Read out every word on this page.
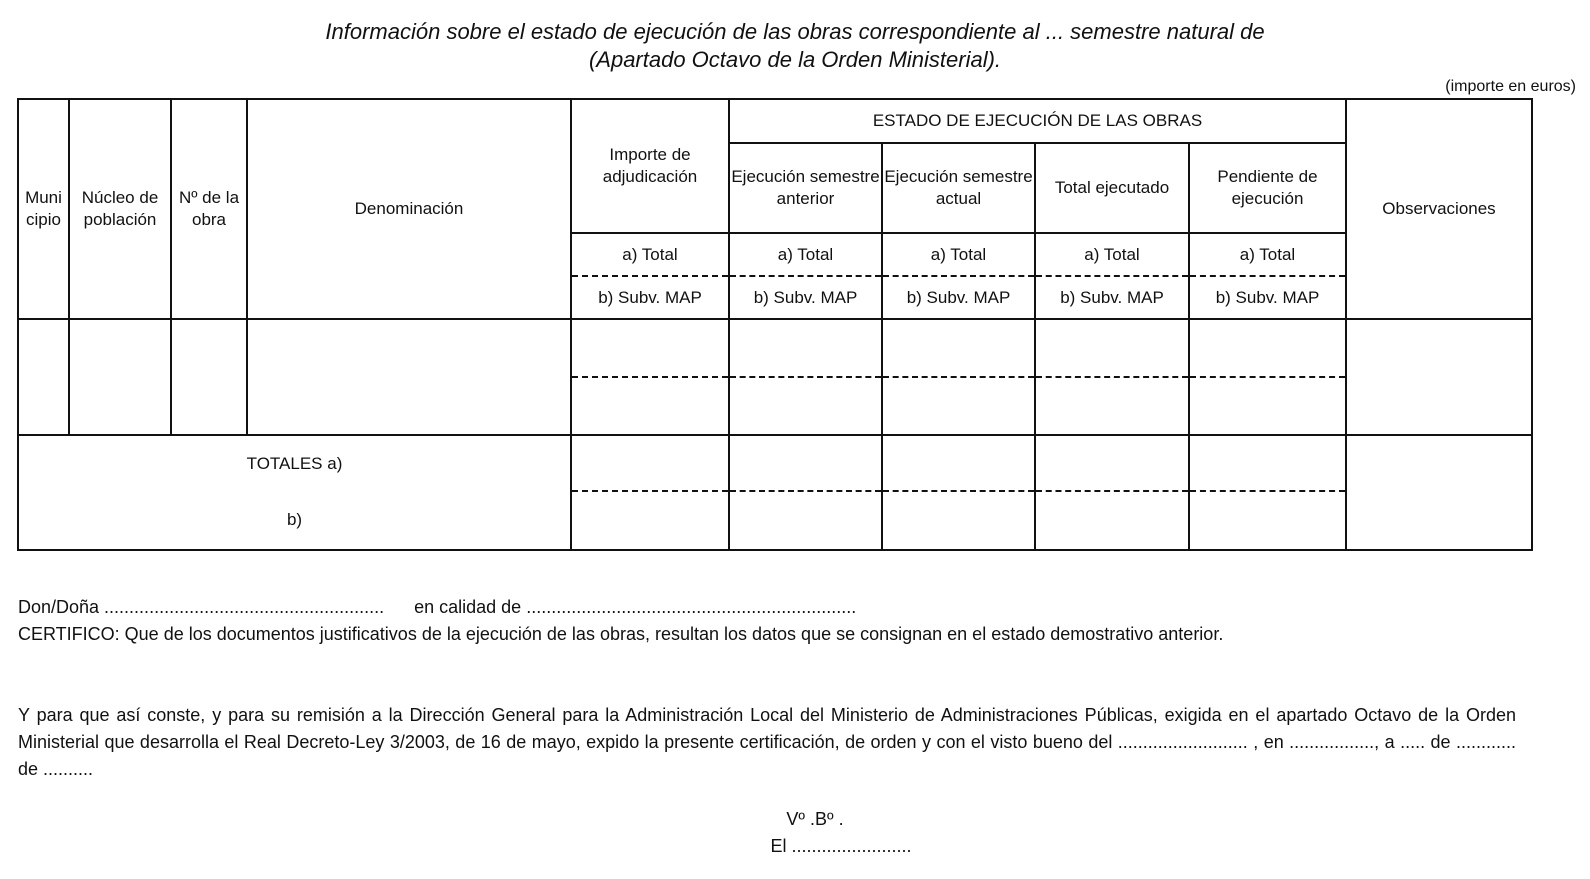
Información sobre el estado de ejecución de las obras correspondiente al ... semestre natural de
(Apartado Octavo de la Orden Ministerial).
(importe en euros)
Muni cipio	Núcleo de población	Nº de la obra	Denominación	Importe de adjudicación	ESTADO DE EJECUCIÓN DE LAS OBRAS				Observaciones
					Ejecución semestre anterior	Ejecución semestre actual	Total ejecutado	Pendiente de ejecución	
				a) Total	a) Total	a) Total	a) Total	a) Total	
				b) Subv. MAP	b) Subv. MAP	b) Subv. MAP	b) Subv. MAP	b) Subv. MAP	

TOTALES a)									
b)									
Don/Doña ........................................................ en calidad de ..................................................................
CERTIFICO: Que de los documentos justificativos de la ejecución de las obras, resultan los datos que se consignan en el estado demostrativo anterior.
Y para que así conste, y para su remisión a la Dirección General para la Administración Local del Ministerio de Administraciones Públicas, exigida en el apartado Octavo de la Orden Ministerial que desarrolla el Real Decreto-Ley 3/2003, de 16 de mayo, expido la presente certificación, de orden y con el visto bueno del .......................... , en ................., a ..... de ............ de ..........
Vº .Bº .
El ........................
